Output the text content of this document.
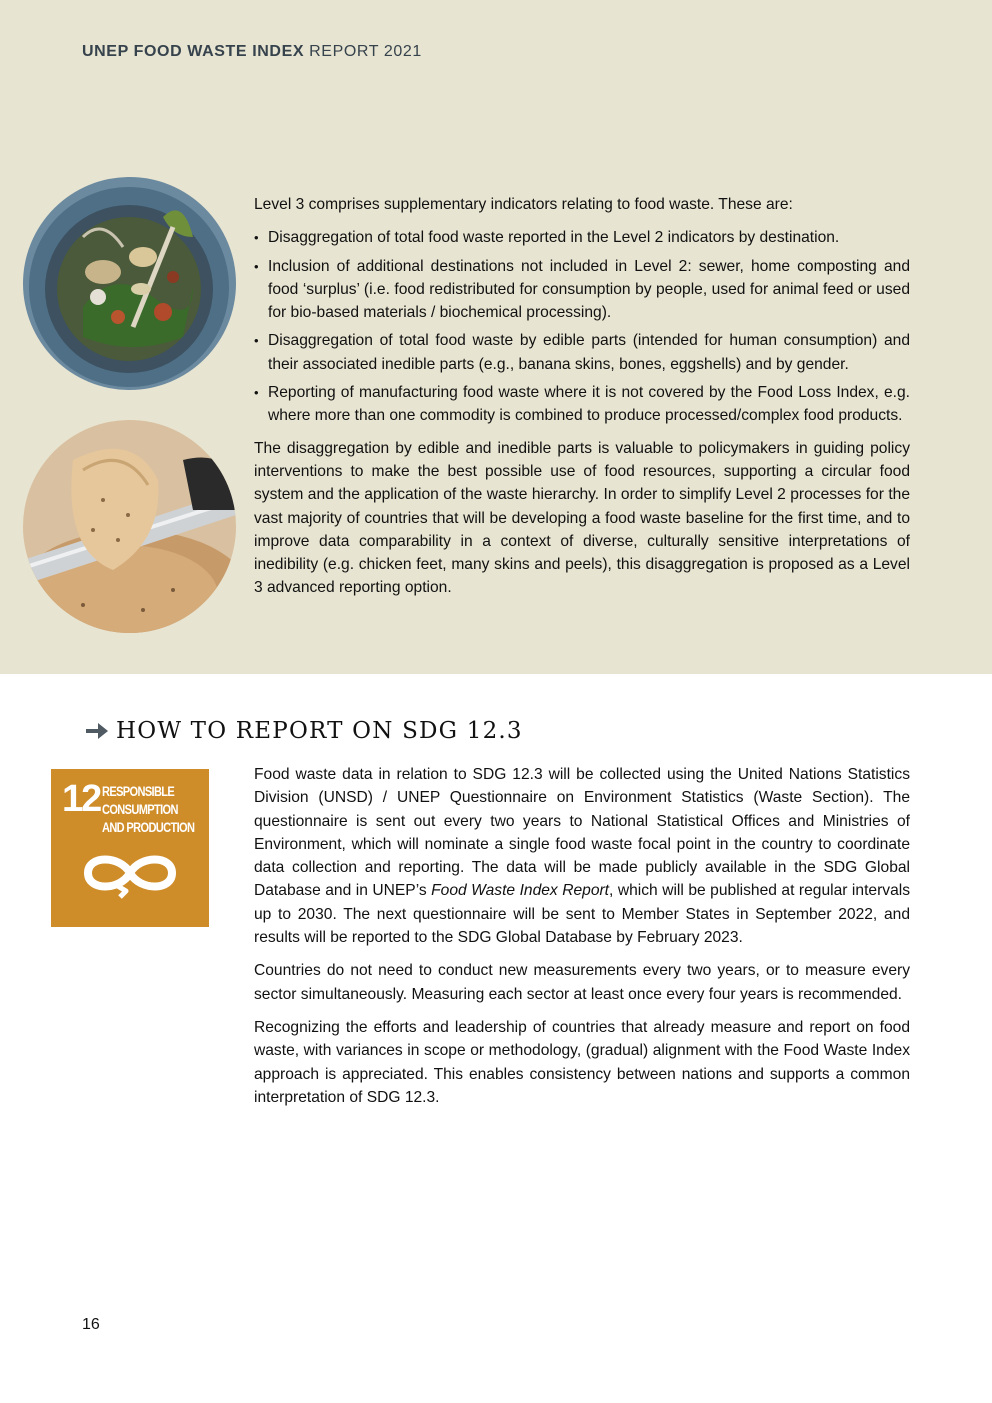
UNEP FOOD WASTE INDEX REPORT 2021

Level 3 comprises supplementary indicators relating to food waste. These are:

• Disaggregation of total food waste reported in the Level 2 indicators by destination.
• Inclusion of additional destinations not included in Level 2: sewer, home composting and food ‘surplus’ (i.e. food redistributed for consumption by people, used for animal feed or used for bio-based materials / biochemical processing).
• Disaggregation of total food waste by edible parts (intended for human consumption) and their associated inedible parts (e.g., banana skins, bones, eggshells) and by gender.
• Reporting of manufacturing food waste where it is not covered by the Food Loss Index, e.g. where more than one commodity is combined to produce processed/complex food products.

The disaggregation by edible and inedible parts is valuable to policymakers in guiding policy interventions to make the best possible use of food resources, supporting a circular food system and the application of the waste hierarchy. In order to simplify Level 2 processes for the vast majority of countries that will be developing a food waste baseline for the first time, and to improve data comparability in a context of diverse, culturally sensitive interpretations of inedibility (e.g. chicken feet, many skins and peels), this disaggregation is proposed as a Level 3 advanced reporting option.

HOW TO REPORT ON SDG 12.3
12 RESPONSIBLE
CONSUMPTION
AND PRODUCTION

Food waste data in relation to SDG 12.3 will be collected using the United Nations Statistics Division (UNSD) / UNEP Questionnaire on Environment Statistics (Waste Section). The questionnaire is sent out every two years to National Statistical Offices and Ministries of Environment, which will nominate a single food waste focal point in the country to coordinate data collection and reporting. The data will be made publicly available in the SDG Global Database and in UNEP’s Food Waste Index Report, which will be published at regular intervals up to 2030. The next questionnaire will be sent to Member States in September 2022, and results will be reported to the SDG Global Database by February 2023.

Countries do not need to conduct new measurements every two years, or to measure every sector simultaneously. Measuring each sector at least once every four years is recommended.

Recognizing the efforts and leadership of countries that already measure and report on food waste, with variances in scope or methodology, (gradual) alignment with the Food Waste Index approach is appreciated. This enables consistency between nations and supports a common interpretation of SDG 12.3.

16
